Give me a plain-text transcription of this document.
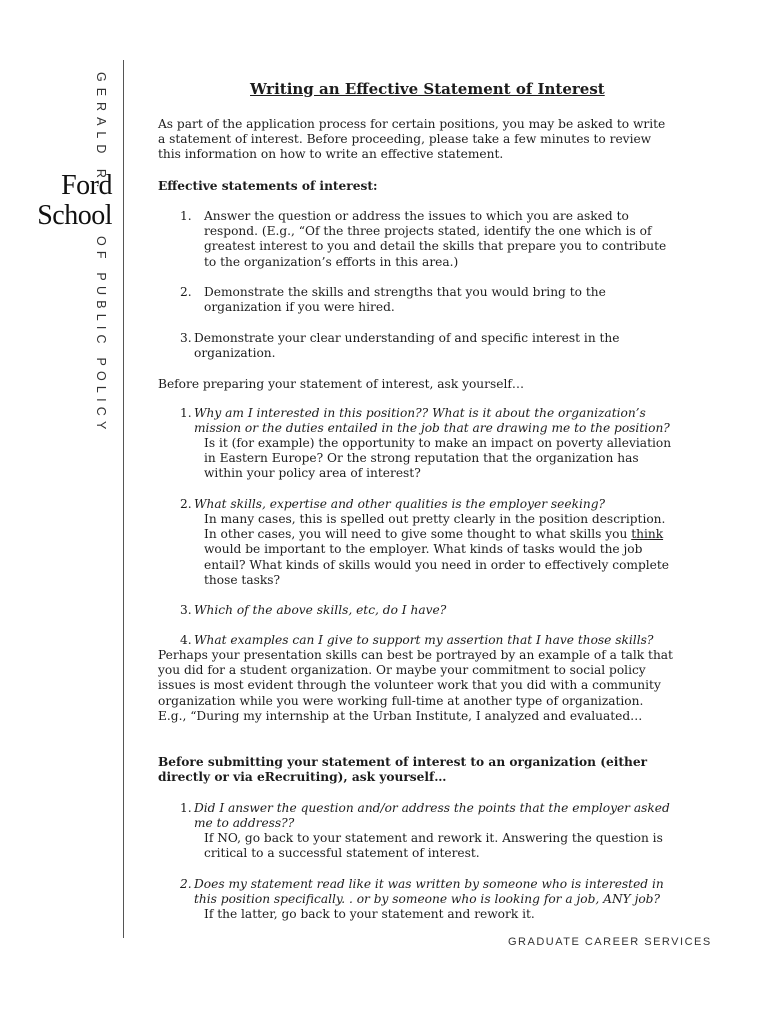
GERALD R.
Ford
School
OF PUBLIC POLICY
Writing an Effective Statement of Interest

As part of the application process for certain positions, you may be asked to write a statement of interest. Before proceeding, please take a few minutes to review this information on how to write an effective statement.

Effective statements of interest:

1. Answer the question or address the issues to which you are asked to respond. (E.g., “Of the three projects stated, identify the one which is of greatest interest to you and detail the skills that prepare you to contribute to the organization’s efforts in this area.)

2. Demonstrate the skills and strengths that you would bring to the organization if you were hired.

3. Demonstrate your clear understanding of and specific interest in the organization.

Before preparing your statement of interest, ask yourself…

1. Why am I interested in this position?? What is it about the organization’s mission or the duties entailed in the job that are drawing me to the position?

Is it (for example) the opportunity to make an impact on poverty alleviation in Eastern Europe? Or the strong reputation that the organization has within your policy area of interest?

2. What skills, expertise and other qualities is the employer seeking?

In many cases, this is spelled out pretty clearly in the position description. In other cases, you will need to give some thought to what skills you think would be important to the employer. What kinds of tasks would the job entail? What kinds of skills would you need in order to effectively complete those tasks?

3. Which of the above skills, etc, do I have?

4. What examples can I give to support my assertion that I have those skills?

Perhaps your presentation skills can best be portrayed by an example of a talk that you did for a student organization. Or maybe your commitment to social policy issues is most evident through the volunteer work that you did with a community organization while you were working full-time at another type of organization. E.g., “During my internship at the Urban Institute, I analyzed and evaluated…

Before submitting your statement of interest to an organization (either directly or via eRecruiting), ask yourself…

1. Did I answer the question and/or address the points that the employer asked me to address??

If NO, go back to your statement and rework it. Answering the question is critical to a successful statement of interest.

2. Does my statement read like it was written by someone who is interested in this position specifically. . or by someone who is looking for a job, ANY job?

If the latter, go back to your statement and rework it.

GRADUATE CAREER SERVICES
